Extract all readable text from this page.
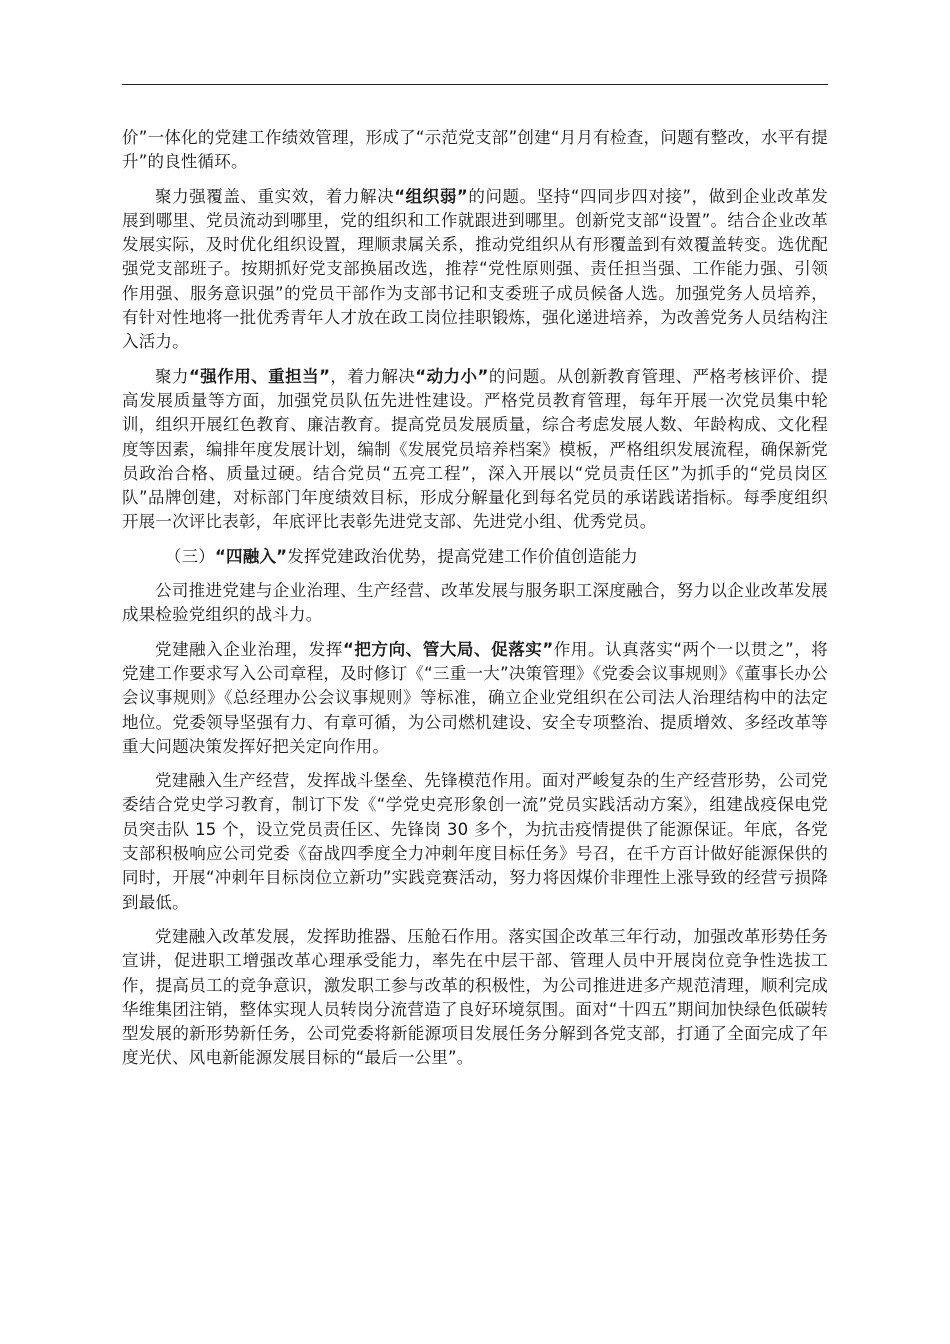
价”一体化的党建工作绩效管理，形成了“示范党支部”创建“月月有检查，问题有整改，水平有提升”的良性循环。

聚力强覆盖、重实效，着力解决“组织弱”的问题。坚持“四同步四对接”，做到企业改革发展到哪里、党员流动到哪里，党的组织和工作就跟进到哪里。创新党支部“设置”。结合企业改革发展实际，及时优化组织设置，理顺隶属关系，推动党组织从有形覆盖到有效覆盖转变。选优配强党支部班子。按期抓好党支部换届改选，推荐“党性原则强、责任担当强、工作能力强、引领作用强、服务意识强”的党员干部作为支部书记和支委班子成员候备人选。加强党务人员培养，有针对性地将一批优秀青年人才放在政工岗位挂职锻炼，强化递进培养，为改善党务人员结构注入活力。

聚力“强作用、重担当”，着力解决“动力小”的问题。从创新教育管理、严格考核评价、提高发展质量等方面，加强党员队伍先进性建设。严格党员教育管理，每年开展一次党员集中轮训，组织开展红色教育、廉洁教育。提高党员发展质量，综合考虑发展人数、年龄构成、文化程度等因素，编排年度发展计划，编制《发展党员培养档案》模板，严格组织发展流程，确保新党员政治合格、质量过硬。结合党员“五亮工程”，深入开展以“党员责任区”为抓手的“党员岗区队”品牌创建，对标部门年度绩效目标，形成分解量化到每名党员的承诺践诺指标。每季度组织开展一次评比表彰，年底评比表彰先进党支部、先进党小组、优秀党员。

（三）“四融入”发挥党建政治优势，提高党建工作价值创造能力

公司推进党建与企业治理、生产经营、改革发展与服务职工深度融合，努力以企业改革发展成果检验党组织的战斗力。

党建融入企业治理，发挥“把方向、管大局、促落实”作用。认真落实“两个一以贯之”，将党建工作要求写入公司章程，及时修订《“三重一大”决策管理》《党委会议事规则》《董事长办公会议事规则》《总经理办公会议事规则》等标准，确立企业党组织在公司法人治理结构中的法定地位。党委领导坚强有力、有章可循，为公司燃机建设、安全专项整治、提质增效、多经改革等重大问题决策发挥好把关定向作用。

党建融入生产经营，发挥战斗堡垒、先锋模范作用。面对严峻复杂的生产经营形势，公司党委结合党史学习教育，制订下发《“学党史亮形象创一流”党员实践活动方案》，组建战疫保电党员突击队 15 个，设立党员责任区、先锋岗 30 多个，为抗击疫情提供了能源保证。年底，各党支部积极响应公司党委《奋战四季度全力冲刺年度目标任务》号召，在千方百计做好能源保供的同时，开展“冲刺年目标岗位立新功”实践竞赛活动，努力将因煤价非理性上涨导致的经营亏损降到最低。

党建融入改革发展，发挥助推器、压舱石作用。落实国企改革三年行动，加强改革形势任务宣讲，促进职工增强改革心理承受能力，率先在中层干部、管理人员中开展岗位竞争性选拔工作，提高员工的竞争意识，激发职工参与改革的积极性，为公司推进进多产规范清理，顺利完成华维集团注销，整体实现人员转岗分流营造了良好环境氛围。面对“十四五”期间加快绿色低碳转型发展的新形势新任务，公司党委将新能源项目发展任务分解到各党支部，打通了全面完成了年度光伏、风电新能源发展目标的“最后一公里”。
